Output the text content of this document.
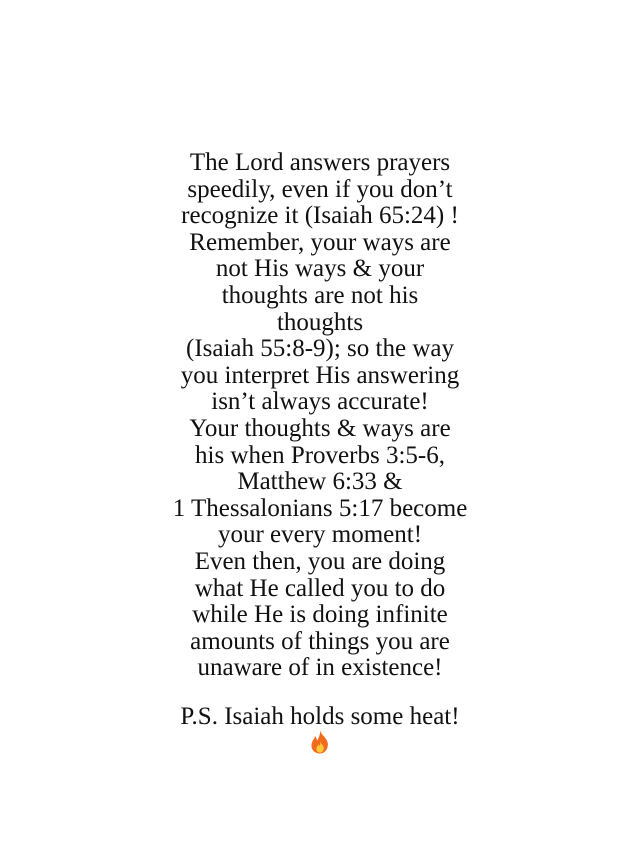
The Lord answers prayers
speedily, even if you don’t
recognize it (Isaiah 65:24) !
Remember, your ways are
not His ways & your
thoughts are not his
thoughts
(Isaiah 55:8-9); so the way
you interpret His answering
isn’t always accurate!
Your thoughts & ways are
his when Proverbs 3:5-6,
Matthew 6:33 &
1 Thessalonians 5:17 become
your every moment!
Even then, you are doing
what He called you to do
while He is doing infinite
amounts of things you are
unaware of in existence!
P.S. Isaiah holds some heat!
